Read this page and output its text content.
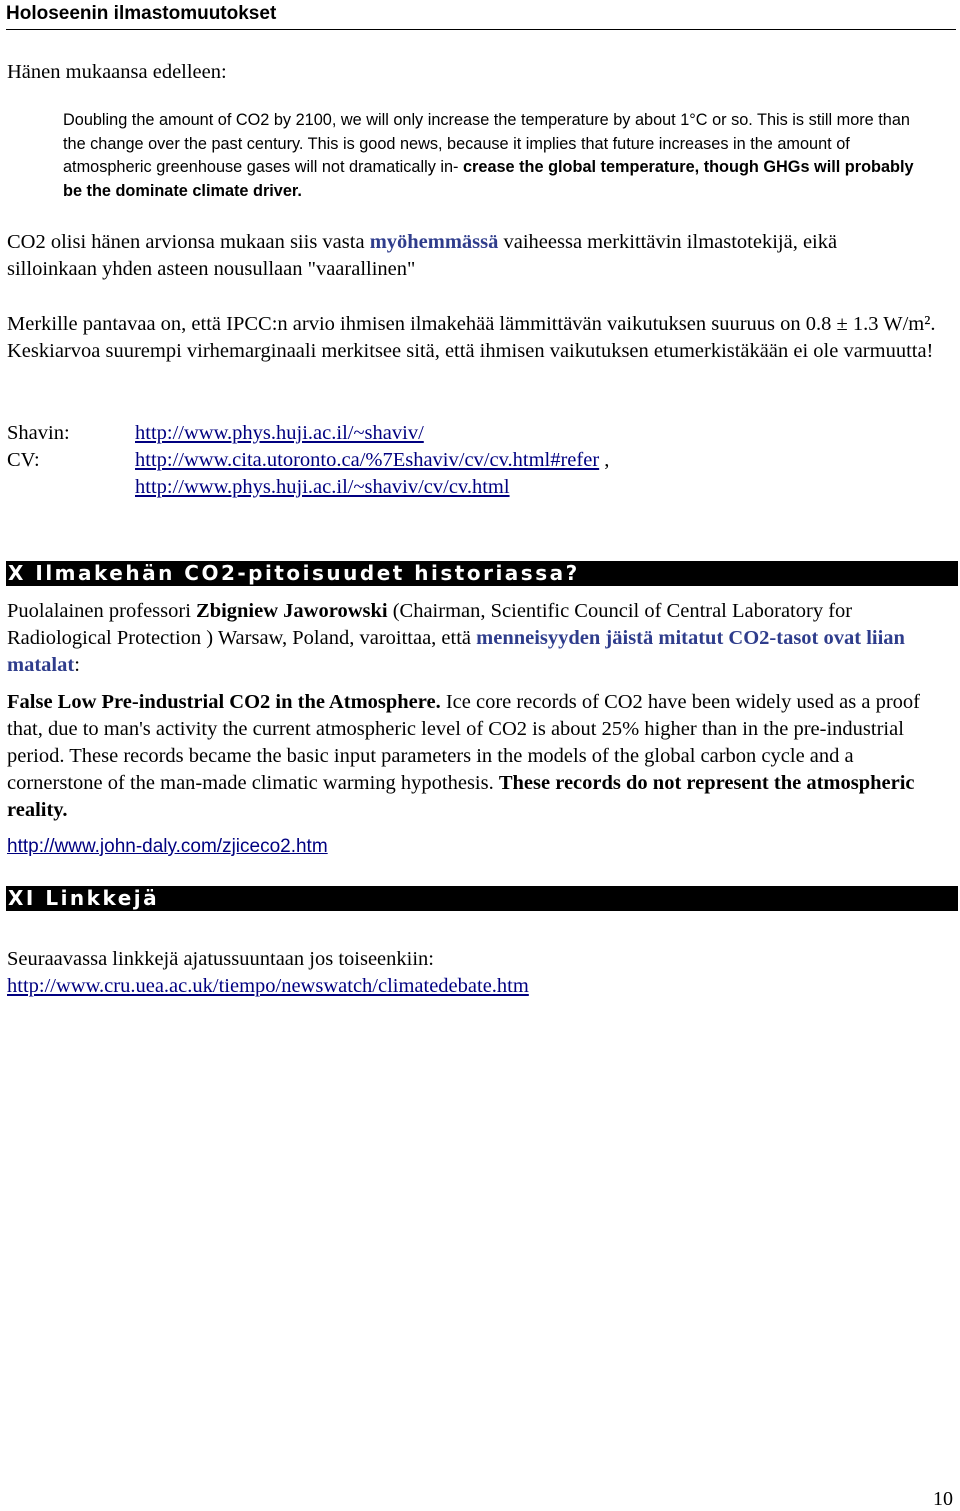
Holoseenin ilmastomuutokset
Hänen mukaansa edelleen:
Doubling the amount of CO2 by 2100, we will only increase the temperature by about 1°C or so. This is still more than the change over the past century. This is good news, because it implies that future increases in the amount of atmospheric greenhouse gases will not dramatically in- crease the global temperature, though GHGs will probably be the dominate climate driver.
CO2 olisi hänen arvionsa mukaan siis vasta myöhemmässä vaiheessa merkittävin ilmastotekijä, eikä silloinkaan yhden asteen nousullaan "vaarallinen"
Merkille pantavaa on, että IPCC:n arvio ihmisen ilmakehää lämmittävän vaikutuksen suuruus on 0.8 ± 1.3 W/m². Keskiarvoa suurempi virhemarginaali merkitsee sitä, että ihmisen vaikutuksen etumerkistäkään ei ole varmuutta!
Shavin:	http://www.phys.huji.ac.il/~shaviv/
CV:	http://www.cita.utoronto.ca/%7Eshaviv/cv/cv.html#refer ,
http://www.phys.huji.ac.il/~shaviv/cv/cv.html
X Ilmakehän CO2-pitoisuudet historiassa?
Puolalainen professori Zbigniew Jaworowski (Chairman, Scientific Council of Central Laboratory for Radiological Protection ) Warsaw, Poland, varoittaa, että menneisyyden jäistä mitatut CO2-tasot ovat liian matalat:
False Low Pre-industrial CO2 in the Atmosphere. Ice core records of CO2 have been widely used as a proof that, due to man's activity the current atmospheric level of CO2 is about 25% higher than in the pre-industrial period. These records became the basic input parameters in the models of the global carbon cycle and a cornerstone of the man-made climatic warming hypothesis. These records do not represent the atmospheric reality.
http://www.john-daly.com/zjiceco2.htm
XI Linkkejä
Seuraavassa linkkejä ajatussuuntaan jos toiseenkiin:
http://www.cru.uea.ac.uk/tiempo/newswatch/climatedebate.htm
10
